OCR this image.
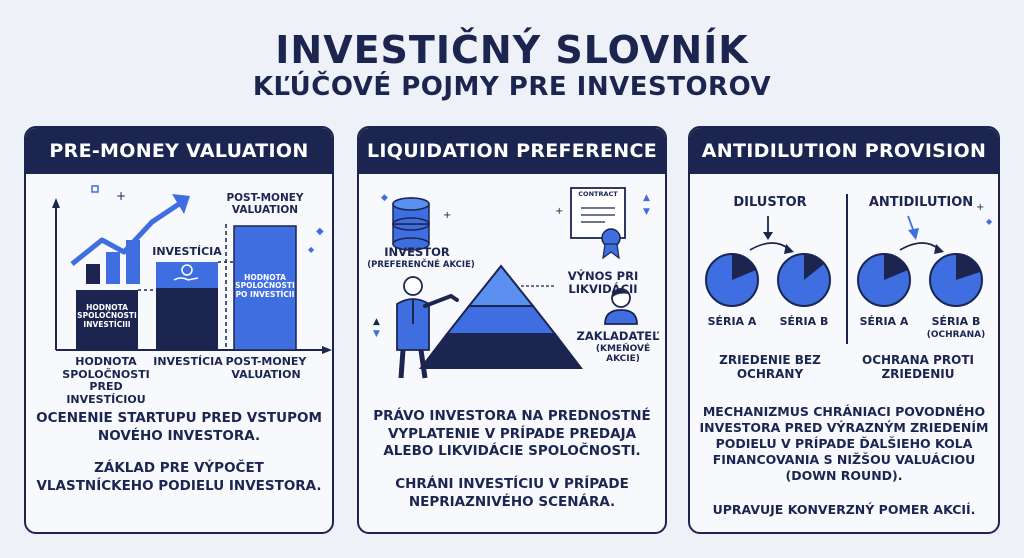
INVESTIČNÝ SLOVNÍK
KĽÚČOVÉ POJMY PRE INVESTOROV
PRE-MONEY VALUATION
+
◆
◆
HODNOTA SPOLOČNOSTI INVESTÍCIII
INVESTÍCIA
POST-MONEY VALUATION
HODNOTA SPOLOČNOSTI PO INVESTÍCII
HODNOTA SPOLOČNOSTI PRED INVESTÍCIOU
INVESTÍCIA POST-MONEY VALUATION
OCENENIE STARTUPU PRED VSTUPOM NOVÉHO INVESTORA.
ZÁKLAD PRE VÝPOČET VLASTNÍCKEHO PODIELU INVESTORA.
LIQUIDATION PREFERENCE
◆
+
▲
▼
+
▲
▼
INVESTOR
(PREFERENČNÉ AKCIE)
CONTRACT
VÝNOS PRI LIKVIDÁCII
ZAKLADATEĽ
(KMEŇOVÉ AKCIE)
PRÁVO INVESTORA NA PREDNOSTNÉ VYPLATENIE V PRÍPADE PREDAJA ALEBO LIKVIDÁCIE SPOLOČNOSTI.
CHRÁNI INVESTÍCIU V PRÍPADE NEPRIAZNIVÉHO SCENÁRA.
ANTIDILUTION PROVISION
DILUSTOR	ANTIDILUTION +
◆
SÉRIA A	SÉRIA B	SÉRIA A	SÉRIA B
(OCHRANA)
ZRIEDENIE BEZ OCHRANY
OCHRANA PROTI ZRIEDENIU
MECHANIZMUS CHRÁNIACI POVODNÉHO INVESTORA PRED VÝRAZNÝM ZRIEDENÍM PODIELU V PRÍPADE ĎALŠIEHO KOLA FINANCOVANIA S NIŽŠOU VALUÁCIOU (DOWN ROUND).
UPRAVUJE KONVERZNÝ POMER AKCIÍ.
